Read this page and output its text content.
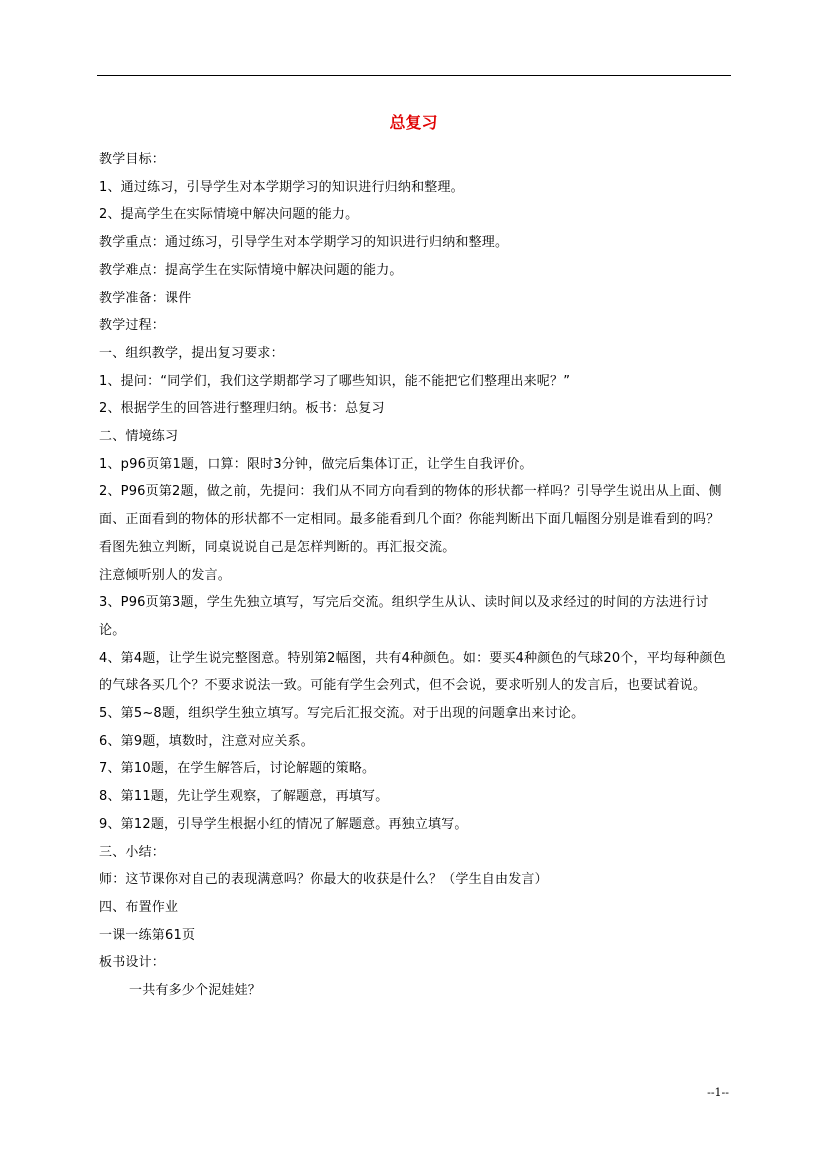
总复习

教学目标：

1、通过练习，引导学生对本学期学习的知识进行归纳和整理。

2、提高学生在实际情境中解决问题的能力。

教学重点：通过练习，引导学生对本学期学习的知识进行归纳和整理。

教学难点：提高学生在实际情境中解决问题的能力。

教学准备：课件

教学过程：

一、组织教学，提出复习要求：

1、提问：“同学们，我们这学期都学习了哪些知识，能不能把它们整理出来呢？”

2、根据学生的回答进行整理归纳。板书：总复习

二、情境练习

1、p96页第1题，口算：限时3分钟，做完后集体订正，让学生自我评价。

2、P96页第2题，做之前，先提问：我们从不同方向看到的物体的形状都一样吗？引导学生说出从上面、侧面、正面看到的物体的形状都不一定相同。最多能看到几个面？你能判断出下面几幅图分别是谁看到的吗？

看图先独立判断，同桌说说自己是怎样判断的。再汇报交流。

注意倾听别人的发言。

3、P96页第3题，学生先独立填写，写完后交流。组织学生从认、读时间以及求经过的时间的方法进行讨论。

4、第4题，让学生说完整图意。特别第2幅图，共有4种颜色。如：要买4种颜色的气球20个，平均每种颜色的气球各买几个？不要求说法一致。可能有学生会列式，但不会说，要求听别人的发言后，也要试着说。

5、第5~8题，组织学生独立填写。写完后汇报交流。对于出现的问题拿出来讨论。

6、第9题，填数时，注意对应关系。

7、第10题，在学生解答后，讨论解题的策略。

8、第11题，先让学生观察，了解题意，再填写。

9、第12题，引导学生根据小红的情况了解题意。再独立填写。

三、小结：

师：这节课你对自己的表现满意吗？你最大的收获是什么？（学生自由发言）

四、布置作业

一课一练第61页

板书设计：

一共有多少个泥娃娃？

--1--
